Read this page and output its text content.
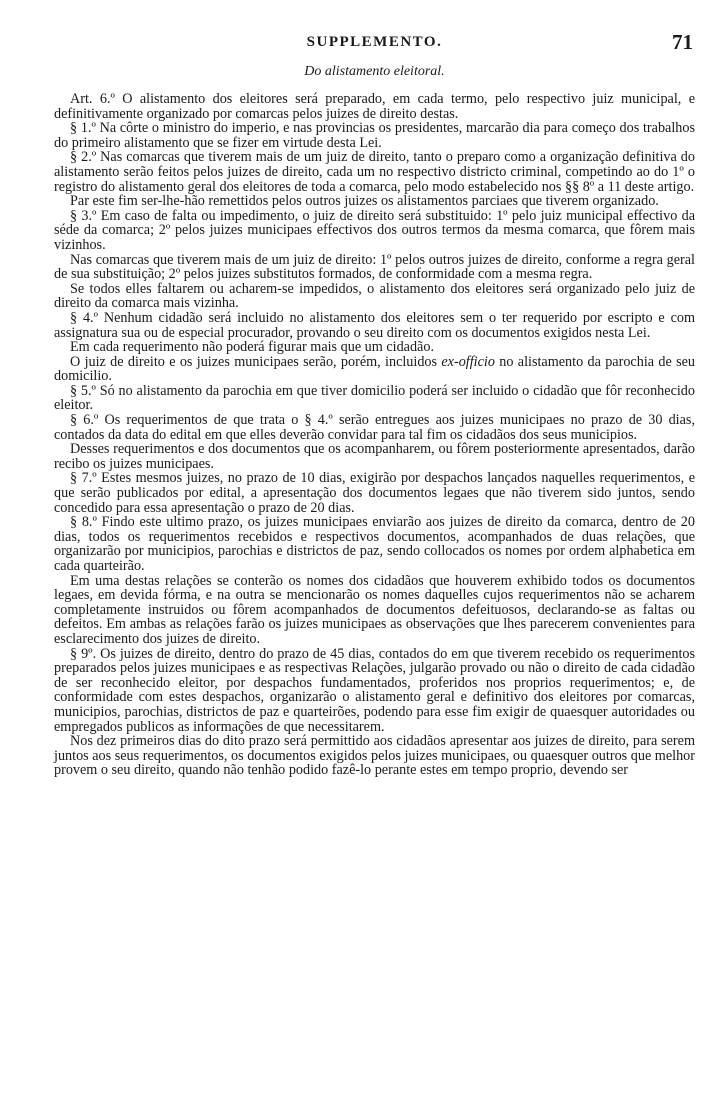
SUPPLEMENTO.	71
Do alistamento eleitoral.

Art. 6.º O alistamento dos eleitores será preparado, em cada termo, pelo respectivo juiz municipal, e definitivamente organizado por comarcas pelos juizes de direito destas.

§ 1.º Na côrte o ministro do imperio, e nas provincias os presidentes, marcarão dia para começo dos trabalhos do primeiro alistamento que se fizer em virtude desta Lei.

§ 2.º Nas comarcas que tiverem mais de um juiz de direito, tanto o preparo como a organização definitiva do alistamento serão feitos pelos juizes de direito, cada um no respectivo districto criminal, competindo ao do 1º o registro do alistamento geral dos eleitores de toda a comarca, pelo modo estabelecido nos §§ 8º a 11 deste artigo.

Par este fim ser-lhe-hão remettidos pelos outros juizes os alistamentos parciaes que tiverem organizado.

§ 3.º Em caso de falta ou impedimento, o juiz de direito será substituido: 1º pelo juiz municipal effectivo da séde da comarca; 2º pelos juizes municipaes effectivos dos outros termos da mesma comarca, que fôrem mais vizinhos.

Nas comarcas que tiverem mais de um juiz de direito: 1º pelos outros juizes de direito, conforme a regra geral de sua substituição; 2º pelos juizes substitutos formados, de conformidade com a mesma regra.

Se todos elles faltarem ou acharem-se impedidos, o alistamento dos eleitores será organizado pelo juiz de direito da comarca mais vizinha.

§ 4.º Nenhum cidadão será incluido no alistamento dos eleitores sem o ter requerido por escripto e com assignatura sua ou de especial procurador, provando o seu direito com os documentos exigidos nesta Lei.

Em cada requerimento não poderá figurar mais que um cidadão.

O juiz de direito e os juizes municipaes serão, porém, incluidos ex-officio no alistamento da parochia de seu domicilio.

§ 5.º Só no alistamento da parochia em que tiver domicilio poderá ser incluido o cidadão que fôr reconhecido eleitor.

§ 6.º Os requerimentos de que trata o § 4.º serão entregues aos juizes municipaes no prazo de 30 dias, contados da data do edital em que elles deverão convidar para tal fim os cidadãos dos seus municipios.

Desses requerimentos e dos documentos que os acompanharem, ou fôrem posteriormente apresentados, darão recibo os juizes municipaes.

§ 7.º Estes mesmos juizes, no prazo de 10 dias, exigirão por despachos lançados naquelles requerimentos, e que serão publicados por edital, a apresentação dos documentos legaes que não tiverem sido juntos, sendo concedido para essa apresentação o prazo de 20 dias.

§ 8.º Findo este ultimo prazo, os juizes municipaes enviarão aos juizes de direito da comarca, dentro de 20 dias, todos os requerimentos recebidos e respectivos documentos, acompanhados de duas relações, que organizarão por municipios, parochias e districtos de paz, sendo collocados os nomes por ordem alphabetica em cada quarteirão.

Em uma destas relações se conterão os nomes dos cidadãos que houverem exhibido todos os documentos legaes, em devida fórma, e na outra se mencionarão os nomes daquelles cujos requerimentos não se acharem completamente instruidos ou fôrem acompanhados de documentos defeituosos, declarando-se as faltas ou defeitos. Em ambas as relações farão os juizes municipaes as observações que lhes parecerem convenientes para esclarecimento dos juizes de direito.

§ 9º. Os juizes de direito, dentro do prazo de 45 dias, contados do em que tiverem recebido os requerimentos preparados pelos juizes municipaes e as respectivas Relações, julgarão provado ou não o direito de cada cidadão de ser reconhecido eleitor, por despachos fundamentados, proferidos nos proprios requerimentos; e, de conformidade com estes despachos, organizarão o alistamento geral e definitivo dos eleitores por comarcas, municipios, parochias, districtos de paz e quarteirões, podendo para esse fim exigir de quaesquer autoridades ou empregados publicos as informações de que necessitarem.

Nos dez primeiros dias do dito prazo será permittido aos cidadãos apresentar aos juizes de direito, para serem juntos aos seus requerimentos, os documentos exigidos pelos juizes municipaes, ou quaesquer outros que melhor provem o seu direito, quando não tenhão podido fazê-lo perante estes em tempo proprio, devendo ser
